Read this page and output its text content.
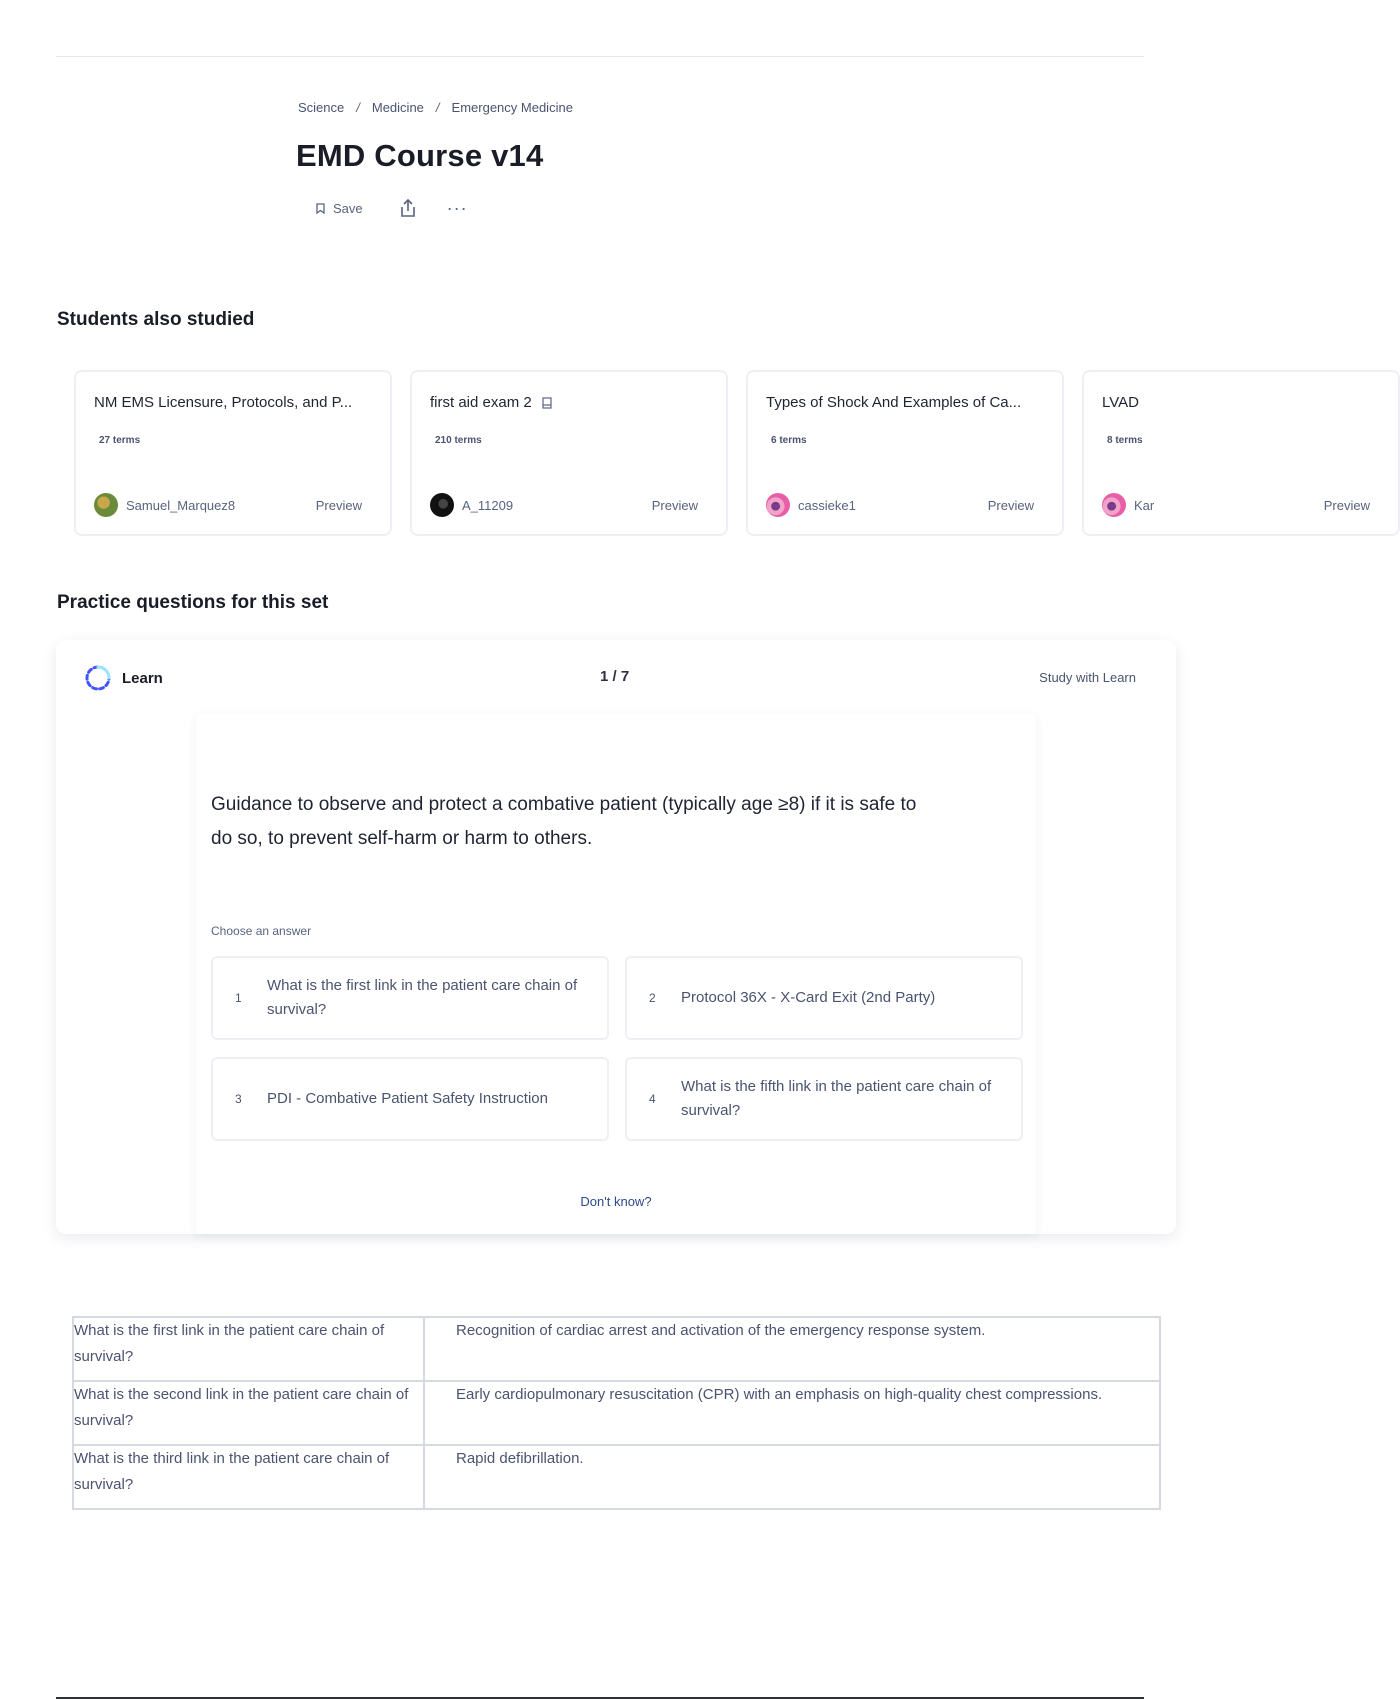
Science / Medicine / Emergency Medicine
EMD Course v14
Save	···
Students also studied
NM EMS Licensure, Protocols, and P...
27 terms
Samuel_Marquez8	Preview
first aid exam 2
210 terms
A_11209	Preview
Types of Shock And Examples of Ca...
6 terms
cassieke1	Preview
LVAD
8 terms
Kar	Preview
Practice questions for this set
Learn	1 / 7	Study with Learn
Guidance to observe and protect a combative patient (typically age ≥8) if it is safe to do so, to prevent self-harm or harm to others.
Choose an answer
1
What is the first link in the patient care chain of survival?
2 Protocol 36X - X-Card Exit (2nd Party)
3 PDI - Combative Patient Safety Instruction	4
What is the fifth link in the patient care chain of survival?
Don't know?
What is the first link in the patient care chain of survival?	Recognition of cardiac arrest and activation of the emergency response system.
What is the second link in the patient care chain of survival?	Early cardiopulmonary resuscitation (CPR) with an emphasis on high-quality chest compressions.
What is the third link in the patient care chain of survival?	Rapid defibrillation.
